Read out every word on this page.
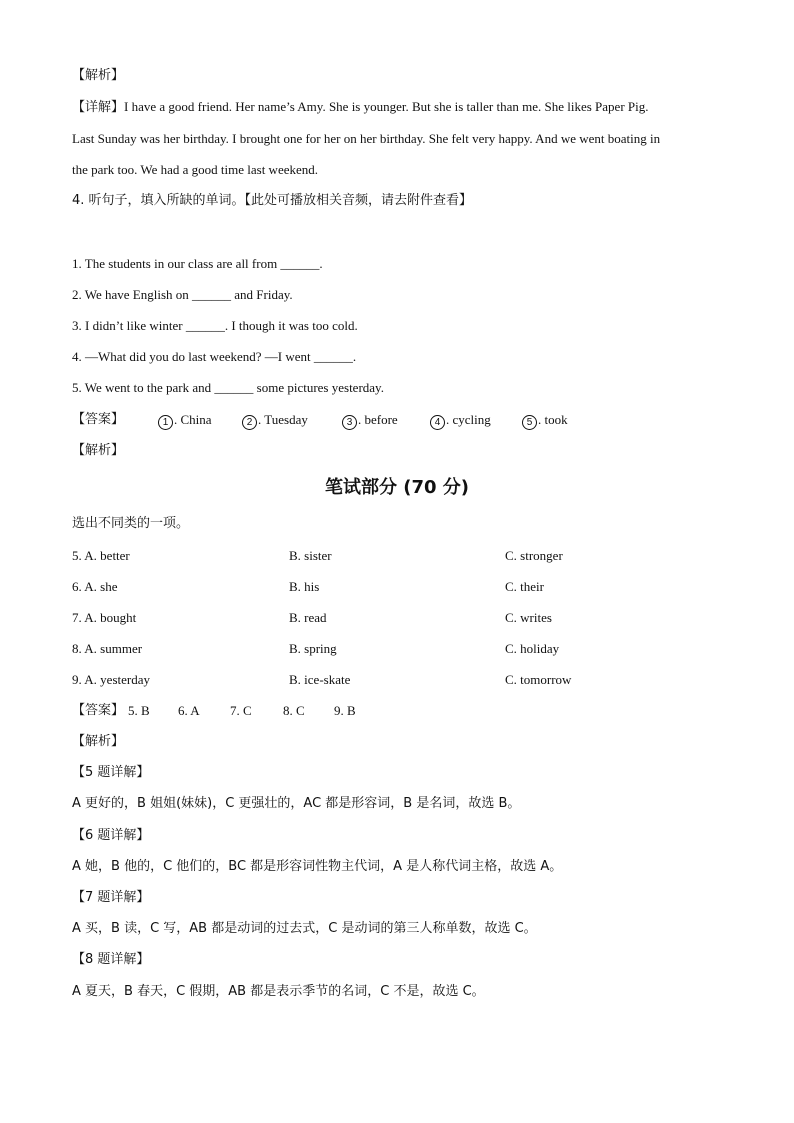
【解析】
【详解】I have a good friend. Her name’s Amy. She is younger. But she is taller than me. She likes Paper Pig.
Last Sunday was her birthday. I brought one for her on her birthday. She felt very happy. And we went boating in
the park too. We had a good time last weekend.
4. 听句子，填入所缺的单词。【此处可播放相关音频，请去附件查看】
1. The students in our class are all from ______.
2. We have English on ______ and Friday.
3. I didn’t like winter ______. I though it was too cold.
4. —What did you do last weekend? —I went ______.
5. We went to the park and ______ some pictures yesterday.
【答案】	1 . China	2 . Tuesday	3 . before	4 . cycling	5 . took
【解析】
笔试部分 (70 分)
选出不同类的一项。
5. A. better	B. sister	C. stronger
6. A. she	B. his	C. their
7. A. bought	B. read	C. writes
8. A. summer	B. spring	C. holiday
9. A. yesterday	B. ice-skate	C. tomorrow
【答案】 5. B 6. A 7. C 8. C 9. B
【解析】
【5 题详解】
A 更好的，B 姐姐(妹妹)，C 更强壮的，AC 都是形容词，B 是名词，故选 B。
【6 题详解】
A 她，B 他的，C 他们的，BC 都是形容词性物主代词，A 是人称代词主格，故选 A。
【7 题详解】
A 买，B 读，C 写，AB 都是动词的过去式，C 是动词的第三人称单数，故选 C。
【8 题详解】
A 夏天，B 春天，C 假期，AB 都是表示季节的名词，C 不是，故选 C。
